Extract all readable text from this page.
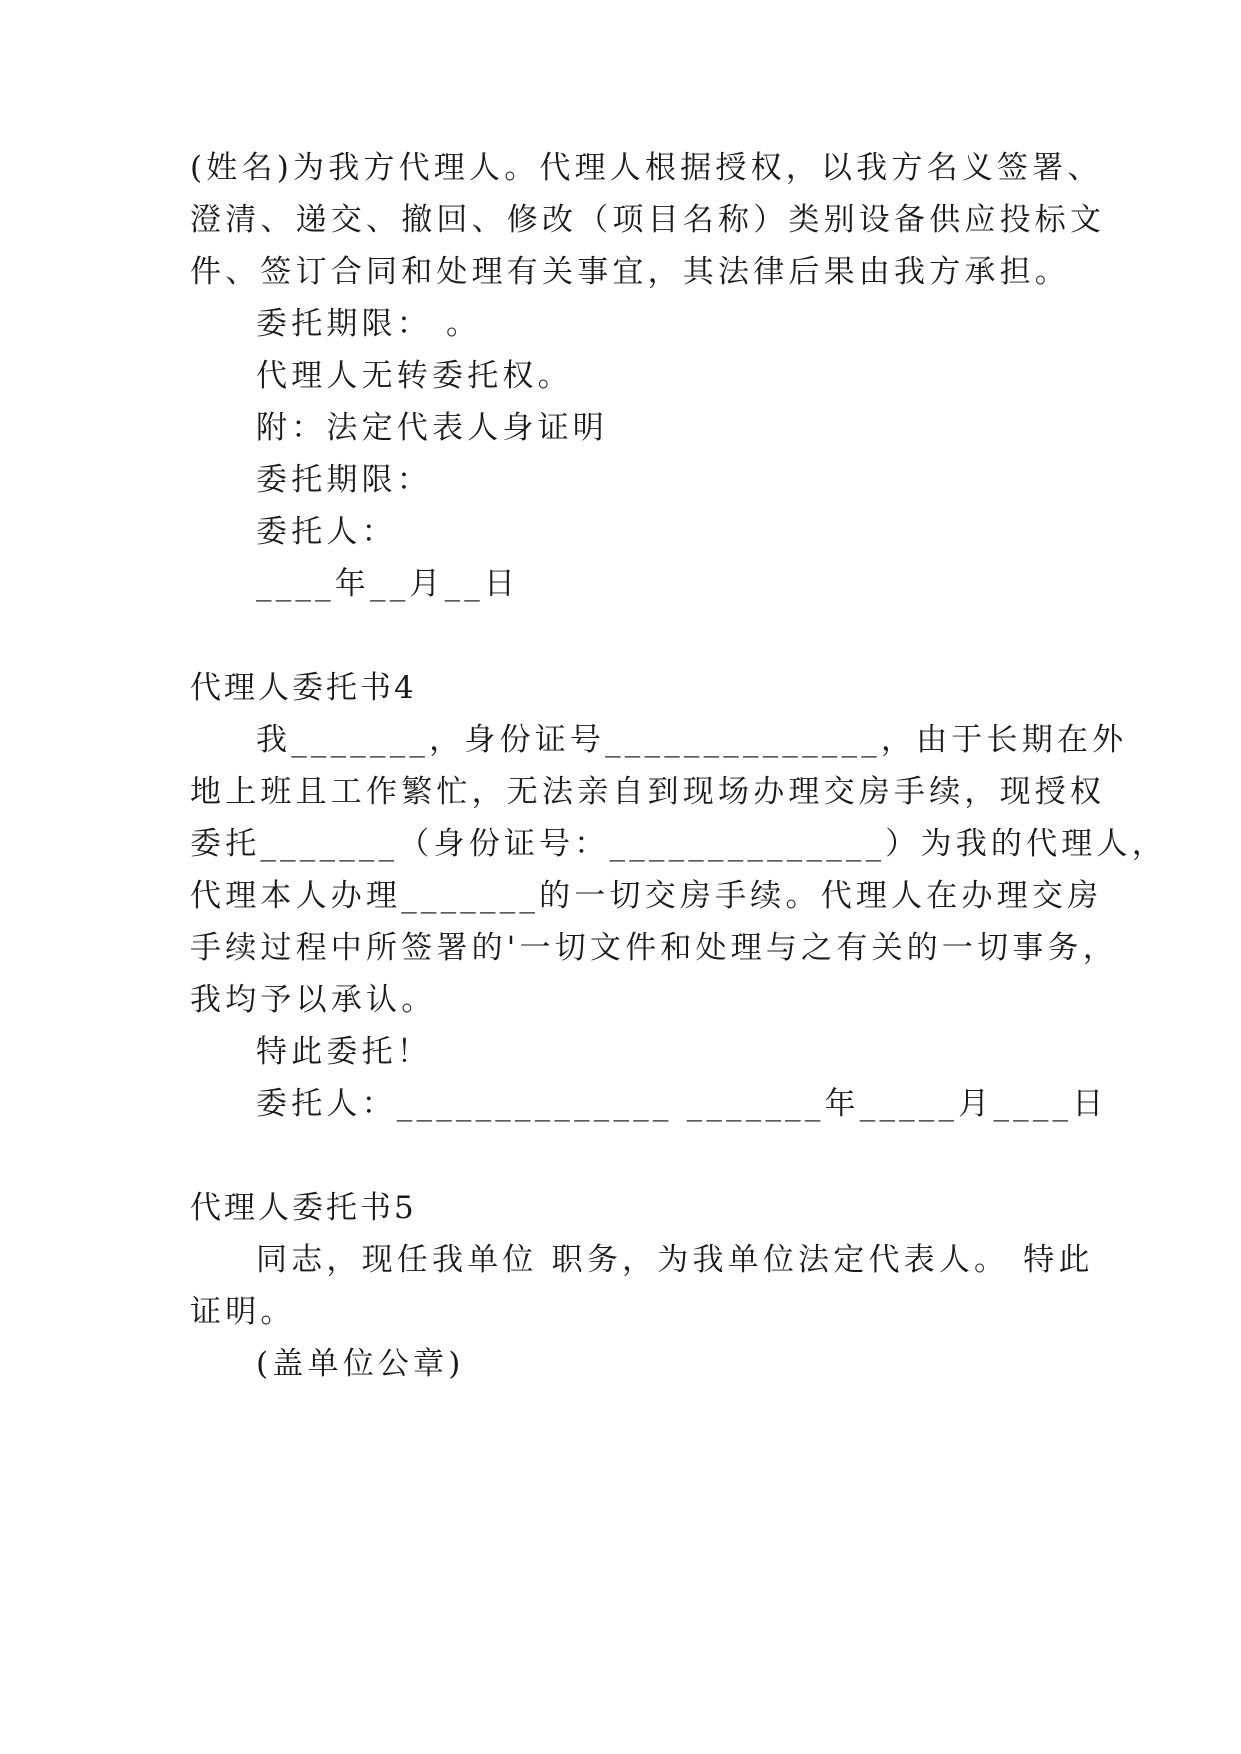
(姓名)为我方代理人。代理人根据授权，以我方名义签署、
澄清、递交、撤回、修改（项目名称）类别设备供应投标文
件、签订合同和处理有关事宜，其法律后果由我方承担。
委托期限： 。
代理人无转委托权。
附：法定代表人身证明
委托期限：
委托人：
____年__月__日
代理人委托书4
我_______，身份证号______________，由于长期在外
地上班且工作繁忙，无法亲自到现场办理交房手续，现授权
委托_______（身份证号：______________）为我的代理人，
代理本人办理_______的一切交房手续。代理人在办理交房
手续过程中所签署的'一切文件和处理与之有关的一切事务，
我均予以承认。
特此委托！
委托人：______________ _______年_____月____日
代理人委托书5
同志，现任我单位 职务，为我单位法定代表人。 特此
证明。
(盖单位公章)
